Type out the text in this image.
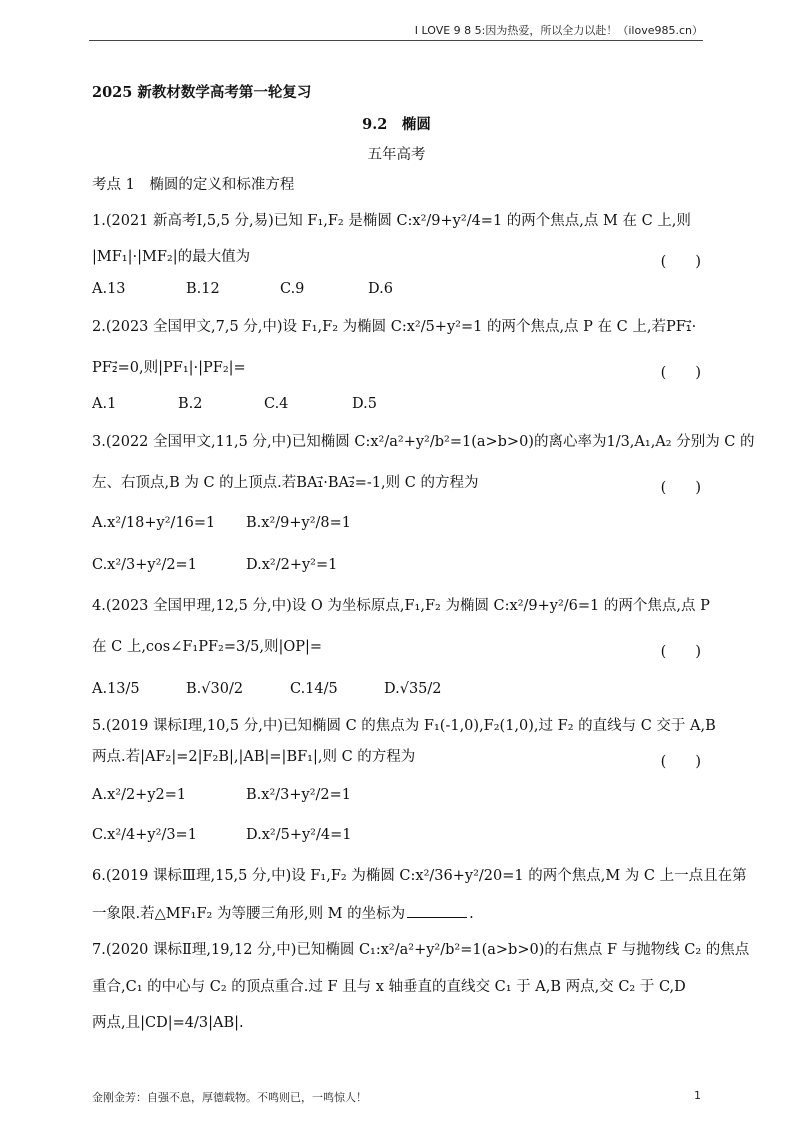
I LOVE 9 8 5:因为热爱，所以全力以赴！（ilove985.cn）
2025 新教材数学高考第一轮复习
9.2　椭圆
五年高考
考点 1　椭圆的定义和标准方程
1.(2021 新高考Ⅰ,5,5 分,易)已知 F₁,F₂ 是椭圆 C:x²/9+y²/4=1 的两个焦点,点 M 在 C 上,则
|MF₁|·|MF₂|的最大值为	(　　)
A.13	B.12	C.9	D.6
2.(2023 全国甲文,7,5 分,中)设 F₁,F₂ 为椭圆 C:x²/5+y²=1 的两个焦点,点 P 在 C 上,若PF₁⃗·
PF₂⃗=0,则|PF₁|·|PF₂|=	(　　)
A.1	B.2	C.4	D.5
3.(2022 全国甲文,11,5 分,中)已知椭圆 C:x²/a²+y²/b²=1(a>b>0)的离心率为1/3,A₁,A₂ 分别为 C 的
左、右顶点,B 为 C 的上顶点.若BA₁⃗·BA₂⃗=-1,则 C 的方程为	(　　)
A.x²/18+y²/16=1 B.x²/9+y²/8=1
C.x²/3+y²/2=1	D.x²/2+y²=1
4.(2023 全国甲理,12,5 分,中)设 O 为坐标原点,F₁,F₂ 为椭圆 C:x²/9+y²/6=1 的两个焦点,点 P
在 C 上,cos∠F₁PF₂=3/5,则|OP|=	(　　)
A.13/5	B.√30/2	C.14/5	D.√35/2
5.(2019 课标Ⅰ理,10,5 分,中)已知椭圆 C 的焦点为 F₁(-1,0),F₂(1,0),过 F₂ 的直线与 C 交于 A,B
两点.若|AF₂|=2|F₂B|,|AB|=|BF₁|,则 C 的方程为	(　　)
A.x²/2+y2=1	B.x²/3+y²/2=1
C.x²/4+y²/3=1	D.x²/5+y²/4=1
6.(2019 课标Ⅲ理,15,5 分,中)设 F₁,F₂ 为椭圆 C:x²/36+y²/20=1 的两个焦点,M 为 C 上一点且在第
一象限.若△MF₁F₂ 为等腰三角形,则 M 的坐标为	.
7.(2020 课标Ⅱ理,19,12 分,中)已知椭圆 C₁:x²/a²+y²/b²=1(a>b>0)的右焦点 F 与抛物线 C₂ 的焦点
重合,C₁ 的中心与 C₂ 的顶点重合.过 F 且与 x 轴垂直的直线交 C₁ 于 A,B 两点,交 C₂ 于 C,D
两点,且|CD|=4/3|AB|.
金刚金芳：自强不息，厚德载物。不鸣则已，一鸣惊人！	1
